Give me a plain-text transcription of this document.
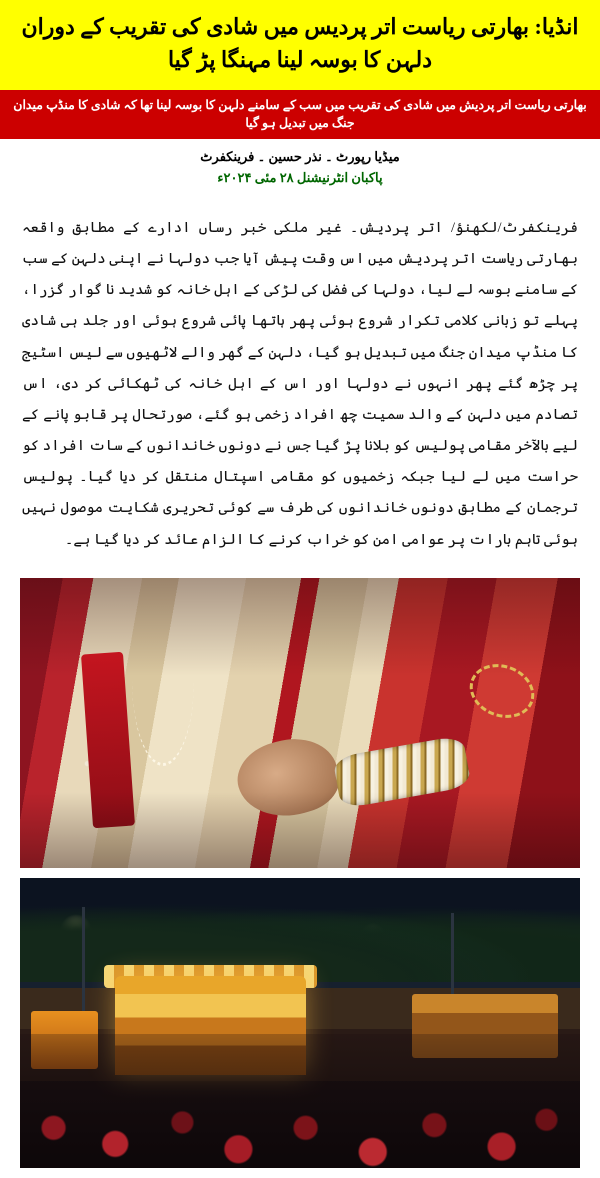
انڈیا: بھارتی ریاست اتر پردیس میں شادی کی تقریب کے دوران دلہن کا بوسہ لینا مہنگا پڑ گیا
بھارتی ریاست اتر پردیش میں شادی کی تقریب میں سب کے سامنے دلہن کا بوسہ لینا تھا کہ شادی کا منڈپ میدان جنگ میں تبدیل ہو گیا
میڈیا رپورٹ ۔ نذر حسین ۔ فرینکفرٹ
پاکبان انٹرنیشنل ۲۸ مئی ۲۰۲۴ء

فرینکفرٹ/لکھنؤ/ اتر پردیش۔ غیر ملکی خبر رساں ادارے کے مطابق واقعہ بھارتی ریاست اتر پردیش میں اس وقت پیش آیا جب دولہا نے اپنی دلہن کے سب کے سامنے بوسہ لے لیا، دولہا کی فضل کی لڑکی کے اہل خانہ کو شدید نا گوار گزرا، پہلے تو زبانی کلامی تکرار شروع ہوئی پھر ہاتھا پائی شروع ہوئی اور جلد ہی شادی کا منڈپ میدان جنگ میں تبدیل ہو گیا، دلہن کے گھر والے لاٹھیوں سے لیس اسٹیج پر چڑھ گئے پھر انہوں نے دولہا اور اس کے اہل خانہ کی ٹھکائی کر دی، اس تصادم میں دلہن کے والد سمیت چھ افراد زخمی ہو گئے، صورتحال پر قابو پانے کے لیے بالآخر مقامی پولیس کو بلانا پڑ گیا جس نے دونوں خاندانوں کے سات افراد کو حراست میں لے لیا جبکہ زخمیوں کو مقامی اسپتال منتقل کر دیا گیا۔ پولیس ترجمان کے مطابق دونوں خاندانوں کی طرف سے کوئی تحریری شکایت موصول نہیں ہوئی تاہم بارات پر عوامی امن کو خراب کرنے کا الزام عائد کر دیا گیا ہے۔
